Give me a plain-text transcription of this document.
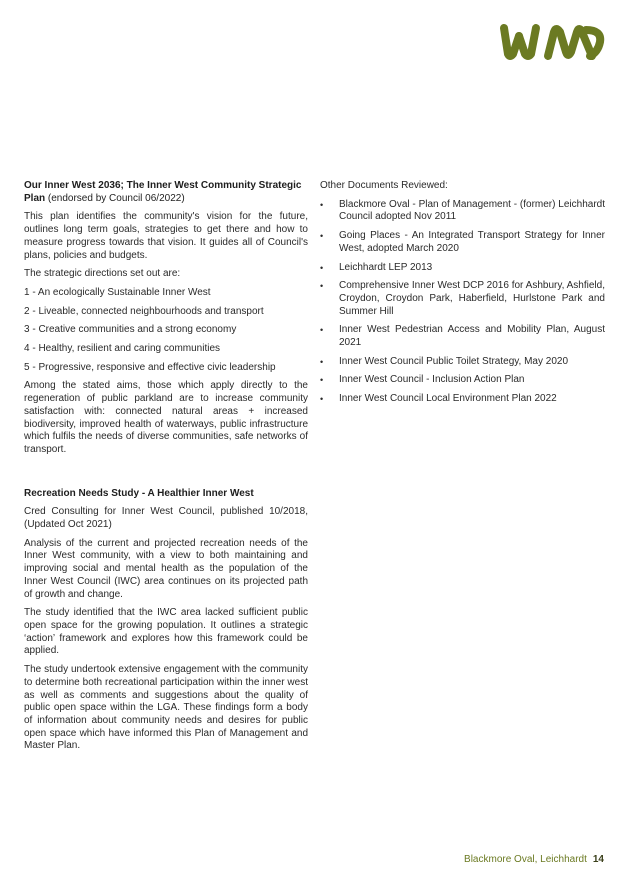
Our Inner West 2036; The Inner West Community Strategic
Plan (endorsed by Council 06/2022)

This plan identifies the community's vision for the future, outlines long term goals, strategies to get there and how to measure progress towards that vision. It guides all of Council's plans, policies and budgets.

The strategic directions set out are:

1 - An ecologically Sustainable Inner West

2 - Liveable, connected neighbourhoods and transport

3 - Creative communities and a strong economy

4 - Healthy, resilient and caring communities

5 - Progressive, responsive and effective civic leadership

Among the stated aims, those which apply directly to the regeneration of public parkland are to increase community satisfaction with: connected natural areas + increased biodiversity, improved health of waterways, public infrastructure which fulfils the needs of diverse communities, safe networks of transport.

Recreation Needs Study - A Healthier Inner West

Cred Consulting for Inner West Council, published 10/2018, (Updated Oct 2021)

Analysis of the current and projected recreation needs of the Inner West community, with a view to both maintaining and improving social and mental health as the population of the Inner West Council (IWC) area continues on its projected path of growth and change.

The study identified that the IWC area lacked sufficient public open space for the growing population. It outlines a strategic ‘action’ framework and explores how this framework could be applied.

The study undertook extensive engagement with the community to determine both recreational participation within the inner west as well as comments and suggestions about the quality of public open space within the LGA. These findings form a body of information about community needs and desires for public open space which have informed this Plan of Management and Master Plan.

Other Documents Reviewed:

• Blackmore Oval - Plan of Management - (former) Leichhardt Council adopted Nov 2011
• Going Places - An Integrated Transport Strategy for Inner West, adopted March 2020
• Leichhardt LEP 2013
• Comprehensive Inner West DCP 2016 for Ashbury, Ashfield, Croydon, Croydon Park, Haberfield, Hurlstone Park and Summer Hill
• Inner West Pedestrian Access and Mobility Plan, August 2021
• Inner West Council Public Toilet Strategy, May 2020
• Inner West Council - Inclusion Action Plan
• Inner West Council Local Environment Plan 2022
Blackmore Oval, Leichhardt 14
